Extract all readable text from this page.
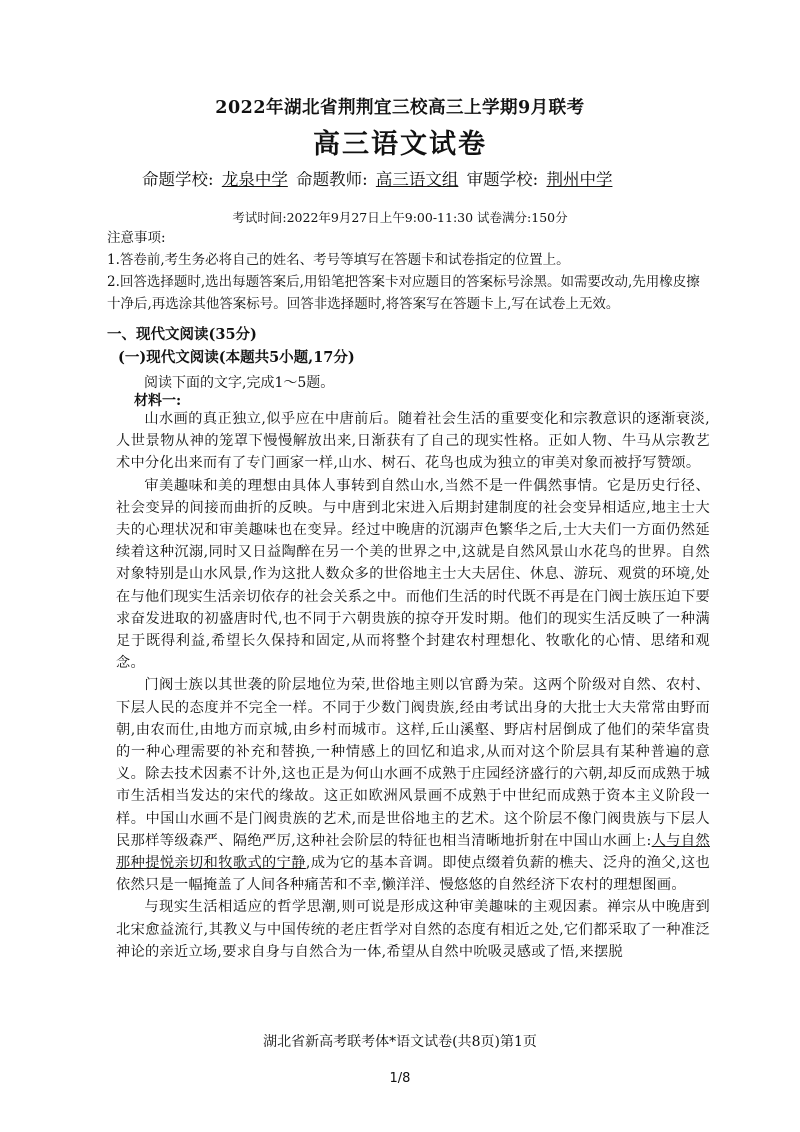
2022年湖北省荆荆宜三校高三上学期9月联考
高三语文试卷
命题学校: 龙泉中学 命题教师: 高三语文组 审题学校: 荆州中学
考试时间:2022年9月27日上午9:00-11:30 试卷满分:150分

注意事项:

1.答卷前,考生务必将自己的姓名、考号等填写在答题卡和试卷指定的位置上。

2.回答选择题时,选出每题答案后,用铅笔把答案卡对应题目的答案标号涂黑。如需要改动,先用橡皮擦十净后,再选涂其他答案标号。回答非选择题时,将答案写在答题卡上,写在试卷上无效。

一、现代文阅读(35分)
(一)现代文阅读(本题共5小题,17分)
阅读下面的文字,完成1～5题。
材料一:

山水画的真正独立,似乎应在中唐前后。随着社会生活的重要变化和宗教意识的逐渐衰淡,人世景物从神的笼罩下慢慢解放出来,日渐获有了自己的现实性格。正如人物、牛马从宗教艺术中分化出来而有了专门画家一样,山水、树石、花鸟也成为独立的审美对象而被抒写赞颂。

审美趣味和美的理想由具体人事转到自然山水,当然不是一件偶然事情。它是历史行径、社会变异的间接而曲折的反映。与中唐到北宋进入后期封建制度的社会变异相适应,地主士大夫的心理状况和审美趣味也在变异。经过中晚唐的沉溺声色繁华之后,士大夫们一方面仍然延续着这种沉溺,同时又日益陶醉在另一个美的世界之中,这就是自然风景山水花鸟的世界。自然对象特别是山水风景,作为这批人数众多的世俗地主士大夫居住、休息、游玩、观赏的环境,处在与他们现实生活亲切依存的社会关系之中。而他们生活的时代既不再是在门阀士族压迫下要求奋发进取的初盛唐时代,也不同于六朝贵族的掠夺开发时期。他们的现实生活反映了一种满足于既得利益,希望长久保持和固定,从而将整个封建农村理想化、牧歌化的心情、思绪和观念。

门阀士族以其世袭的阶层地位为荣,世俗地主则以官爵为荣。这两个阶级对自然、农村、下层人民的态度并不完全一样。不同于少数门阀贵族,经由考试出身的大批士大夫常常由野而朝,由农而仕,由地方而京城,由乡村而城市。这样,丘山溪壑、野店村居倒成了他们的荣华富贵的一种心理需要的补充和替换,一种情感上的回忆和追求,从而对这个阶层具有某种普遍的意义。除去技术因素不计外,这也正是为何山水画不成熟于庄园经济盛行的六朝,却反而成熟于城市生活相当发达的宋代的缘故。这正如欧洲风景画不成熟于中世纪而成熟于资本主义阶段一样。中国山水画不是门阀贵族的艺术,而是世俗地主的艺术。这个阶层不像门阀贵族与下层人民那样等级森严、隔绝严厉,这种社会阶层的特征也相当清晰地折射在中国山水画上:人与自然那种提悦亲切和牧歌式的宁静,成为它的基本音调。即使点缀着负薪的樵夫、泛舟的渔父,这也依然只是一幅掩盖了人间各种痛苦和不幸,懒洋洋、慢悠悠的自然经济下农村的理想图画。

与现实生活相适应的哲学思潮,则可说是形成这种审美趣味的主观因素。禅宗从中晚唐到北宋愈益流行,其教义与中国传统的老庄哲学对自然的态度有相近之处,它们都采取了一种准泛神论的亲近立场,要求自身与自然合为一体,希望从自然中吮吸灵感或了悟,来摆脱

湖北省新高考联考体*语文试卷(共8页)第1页
1/8
